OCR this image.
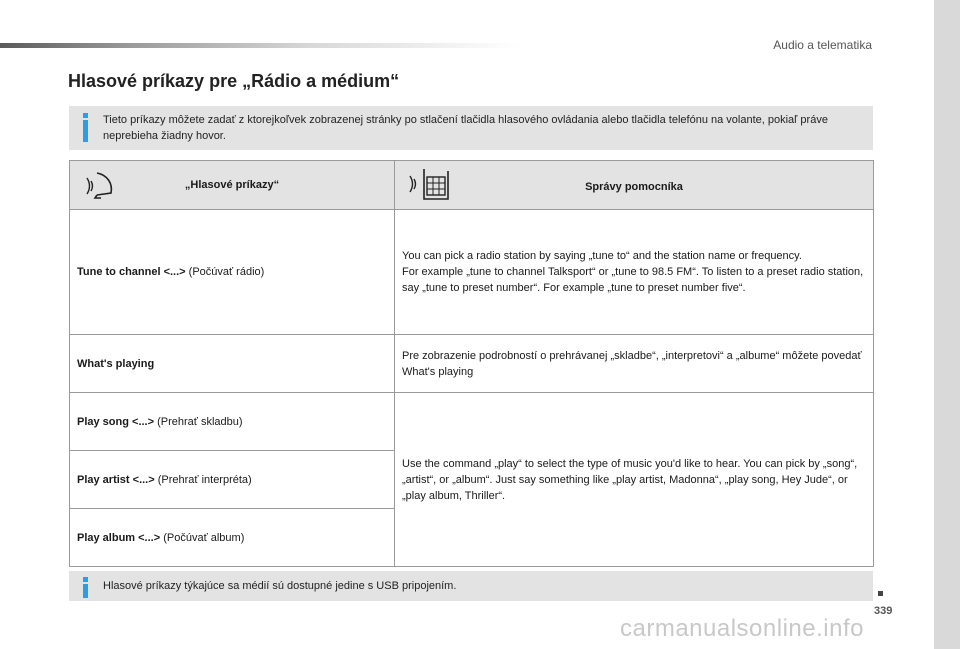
Audio a telematika
Hlasové príkazy pre „Rádio a médium“
Tieto príkazy môžete zadať z ktorejkoľvek zobrazenej stránky po stlačení tlačidla hlasového ovládania alebo tlačidla telefónu na volante, pokiaľ práve neprebieha žiadny hovor.
„Hlasové príkazy“	Správy pomocníka

Tune to channel <...> (Počúvať rádio)	You can pick a radio station by saying „tune to“ and the station name or frequency.
For example „tune to channel Talksport“ or „tune to 98.5 FM“. To listen to a preset radio station, say „tune to preset number“. For example „tune to preset number five“.
What's playing	Pre zobrazenie podrobností o prehrávanej „skladbe“, „interpretovi“ a „albume“ môžete povedať What's playing
Play song <...> (Prehrať skladbu)	Use the command „play“ to select the type of music you'd like to hear. You can pick by „song“, „artist“, or „album“. Just say something like „play artist, Madonna“, „play song, Hey Jude“, or „play album, Thriller“.
Play artist <...> (Prehrať interpréta)	
Play album <...> (Počúvať album)	
Hlasové príkazy týkajúce sa médií sú dostupné jedine s USB pripojením.
339
carmanualsonline.info
